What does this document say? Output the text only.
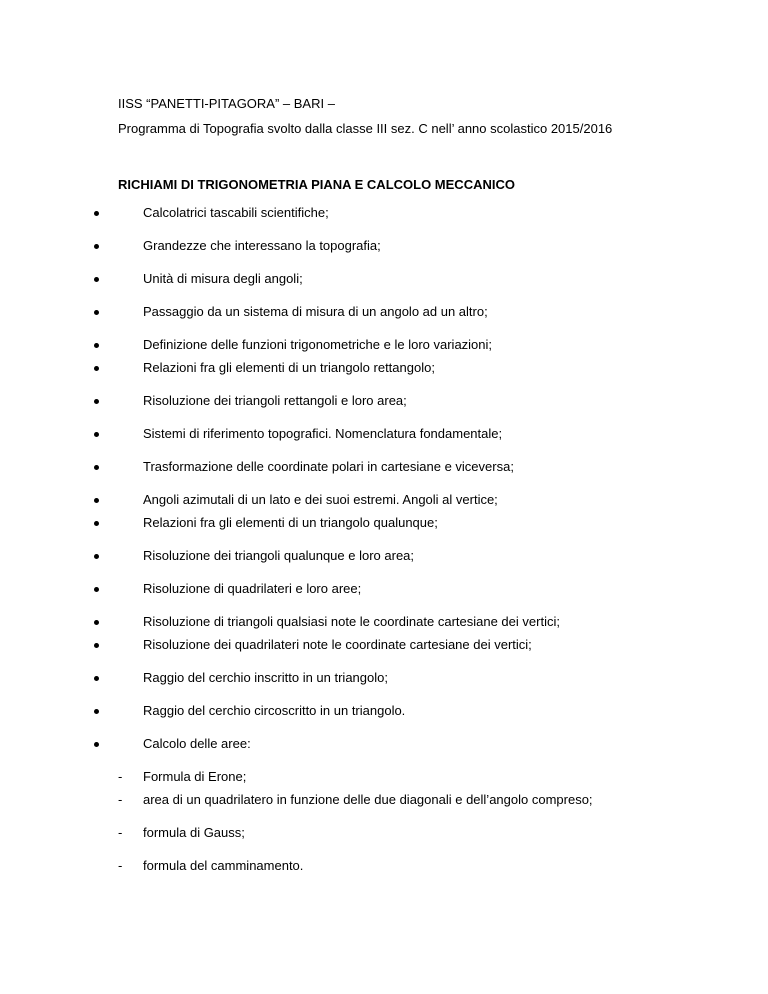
IISS “PANETTI-PITAGORA” – BARI –
Programma di Topografia svolto dalla classe III sez. C nell’ anno scolastico 2015/2016
RICHIAMI DI TRIGONOMETRIA PIANA E CALCOLO MECCANICO
Calcolatrici tascabili scientifiche;
Grandezze che interessano la topografia;
Unità di misura degli angoli;
Passaggio da un sistema di misura di un angolo ad un altro;
Definizione delle funzioni trigonometriche e le loro variazioni;
Relazioni fra gli elementi di un triangolo rettangolo;
Risoluzione dei triangoli rettangoli e loro area;
Sistemi di riferimento topografici. Nomenclatura fondamentale;
Trasformazione delle coordinate polari in cartesiane e viceversa;
Angoli azimutali di un lato e dei suoi estremi. Angoli al vertice;
Relazioni fra gli elementi di un triangolo qualunque;
Risoluzione dei triangoli qualunque e loro area;
Risoluzione di quadrilateri e loro aree;
Risoluzione di triangoli qualsiasi note le coordinate cartesiane dei vertici;
Risoluzione dei quadrilateri note le coordinate cartesiane dei vertici;
Raggio del cerchio inscritto in un triangolo;
Raggio del cerchio circoscritto in un triangolo.
Calcolo delle aree:
- Formula di Erone;
- area di un quadrilatero in funzione delle due diagonali e dell’angolo compreso;
- formula di Gauss;
- formula del camminamento.
